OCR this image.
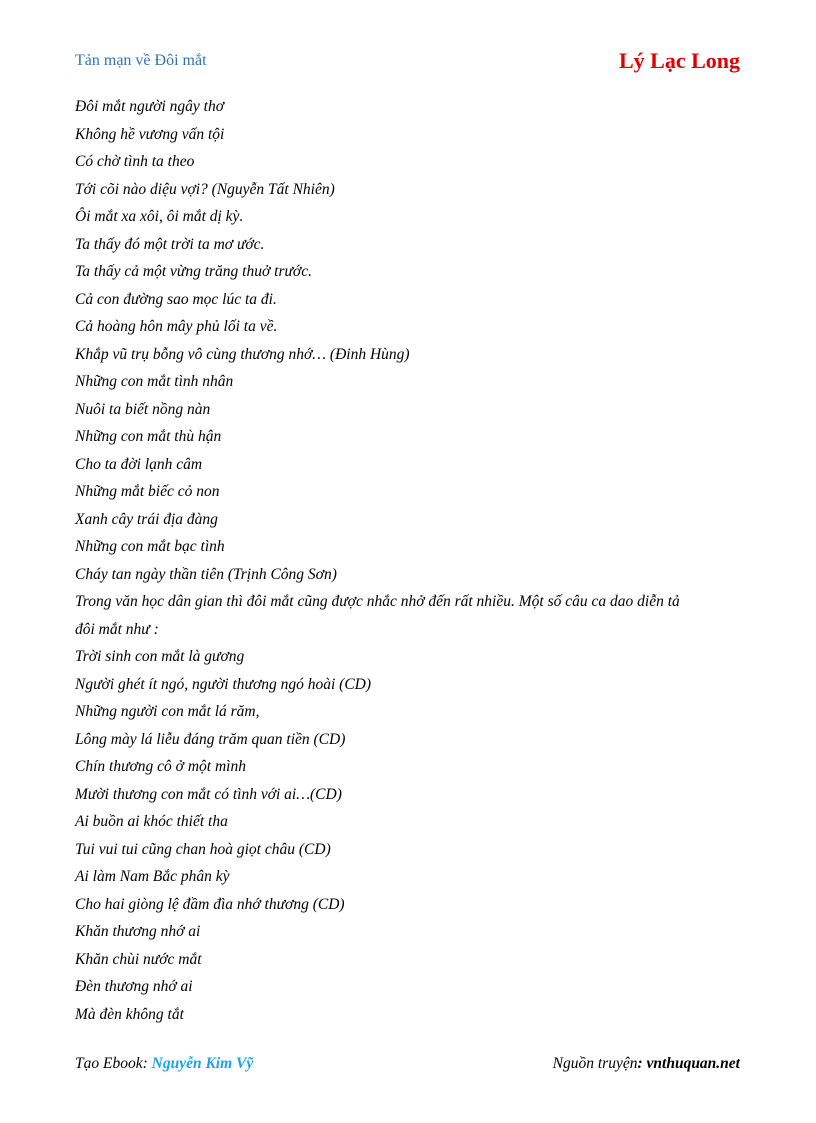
Tản mạn về Đôi mắt	Lý Lạc Long
Đôi mắt người ngây thơ
Không hề vương vấn tội
Có chờ tình ta theo
Tới cõi nào diệu vợi? (Nguyễn Tất Nhiên)
Ôi mắt xa xôi, ôi mắt dị kỳ.
Ta thấy đó một trời ta mơ ước.
Ta thấy cả một vừng trăng thuở trước.
Cả con đường sao mọc lúc ta đi.
Cả hoàng hôn mây phủ lối ta về.
Khắp vũ trụ bỗng vô cùng thương nhớ… (Đinh Hùng)
Những con mắt tình nhân
Nuôi ta biết nồng nàn
Những con mắt thù hận
Cho ta đời lạnh câm
Những mắt biếc cỏ non
Xanh cây trái địa đàng
Những con mắt bạc tình
Cháy tan ngày thần tiên (Trịnh Công Sơn)
Trong văn học dân gian thì đôi mắt cũng được nhắc nhở đến rất nhiều. Một số câu ca dao diễn tả
đôi mắt như :
Trời sinh con mắt là gương
Người ghét ít ngó, người thương ngó hoài (CD)
Những người con mắt lá răm,
Lông mày lá liễu đáng trăm quan tiền (CD)
Chín thương cô ở một mình
Mười thương con mắt có tình với ai…(CD)
Ai buồn ai khóc thiết tha
Tui vui tui cũng chan hoà giọt châu (CD)
Ai làm Nam Bắc phân kỳ
Cho hai giòng lệ đầm đìa nhớ thương (CD)
Khăn thương nhớ ai
Khăn chùi nước mắt
Đèn thương nhớ ai
Mà đèn không tắt
Tạo Ebook: Nguyễn Kim Vỹ	Nguồn truyện: vnthuquan.net
